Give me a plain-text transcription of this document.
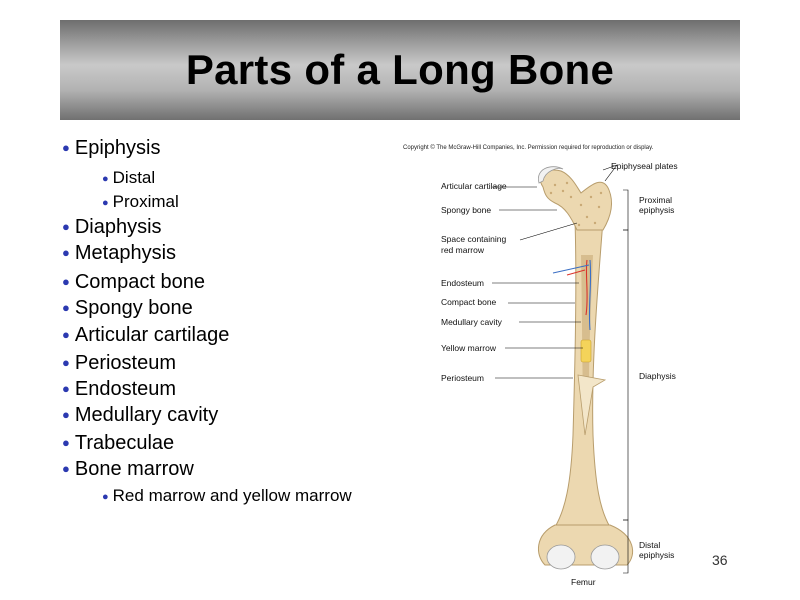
Parts of a Long Bone
● Epiphysis
● Distal
● Proximal
● Diaphysis
● Metaphysis
● Compact bone
● Spongy bone
● Articular cartilage
● Periosteum
● Endosteum
● Medullary cavity
● Trabeculae
● Bone marrow
● Red marrow and yellow marrow
Copyright © The McGraw-Hill Companies, Inc. Permission required for reproduction or display.
Articular cartilage
Spongy bone
Space containing
red marrow
Endosteum
Compact bone
Medullary cavity
Yellow marrow
Periosteum
Epiphyseal plates
Proximal
epiphysis
Diaphysis
Distal
epiphysis
Femur
36
